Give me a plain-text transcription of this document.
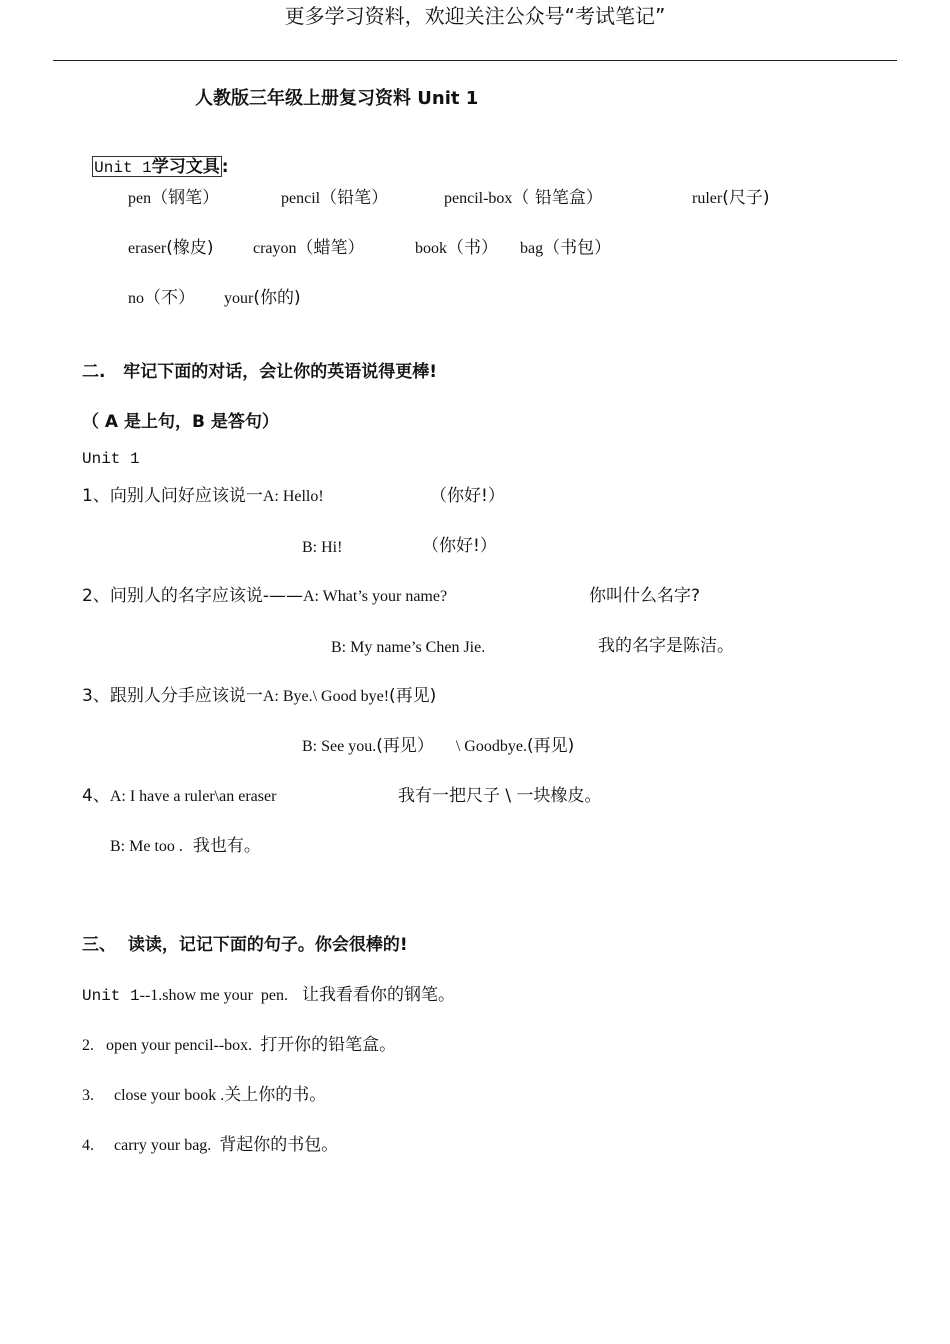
更多学习资料，欢迎关注公众号“考试笔记”
人教版三年级上册复习资料 Unit 1

Unit 1学习文具 :

pen（钢笔）	pencil（铅笔）	pencil-box（ 铅笔盒）	ruler(尺子)
eraser(橡皮) crayon（蜡笔）	book（书） bag（书包）
no（不） your(你的)
二.   牢记下面的对话，会让你的英语说得更棒!
（ A 是上句，B 是答句）
Unit 1
1、向别人问好应该说一A: Hello!	（你好!）
B: Hi!	（你好!）
2、问别人的名字应该说-——A: What’s your name?	你叫什么名字?
B: My name’s Chen Jie.	我的名字是陈洁。
3、跟别人分手应该说一A: Bye.\ Good bye!(再见)
B: See you.(再见） \ Goodbye.(再见)
4、A: I have a ruler\an eraser	我有一把尺子 \ 一块橡皮。
B: Me too . 我也有。
三、  读读，记记下面的句子。你会很棒的!
Unit 1--1.show me your  pen. 让我看看你的钢笔。
2. open your pencil--box. 打开你的铅笔盒。
3. close your book .关上你的书。
4. carry your bag. 背起你的书包。
